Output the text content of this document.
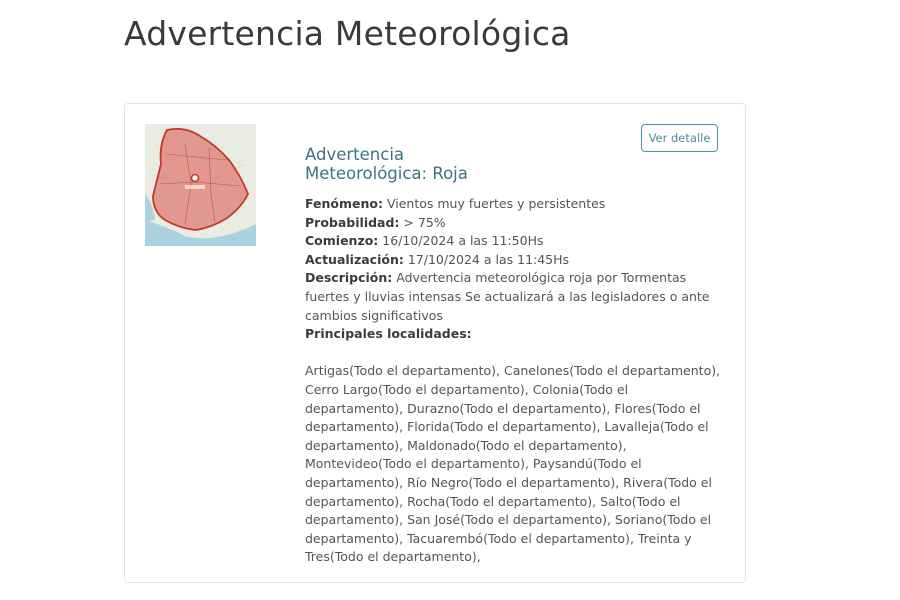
Advertencia Meteorológica
Ver detalle
Advertencia
Meteorológica: Roja

Fenómeno: Vientos muy fuertes y persistentes

Probabilidad: > 75%

Comienzo: 16/10/2024 a las 11:50Hs

Actualización: 17/10/2024 a las 11:45Hs

Descripción: Advertencia meteorológica roja por Tormentas fuertes y lluvias intensas Se actualizará a las legisladores o ante cambios significativos

Principales localidades:

Artigas(Todo el departamento), Canelones(Todo el departamento), Cerro Largo(Todo el departamento), Colonia(Todo el departamento), Durazno(Todo el departamento), Flores(Todo el departamento), Florida(Todo el departamento), Lavalleja(Todo el departamento), Maldonado(Todo el departamento), Montevideo(Todo el departamento), Paysandú(Todo el departamento), Río Negro(Todo el departamento), Rivera(Todo el departamento), Rocha(Todo el departamento), Salto(Todo el departamento), San José(Todo el departamento), Soriano(Todo el departamento), Tacuarembó(Todo el departamento), Treinta y Tres(Todo el departamento),
